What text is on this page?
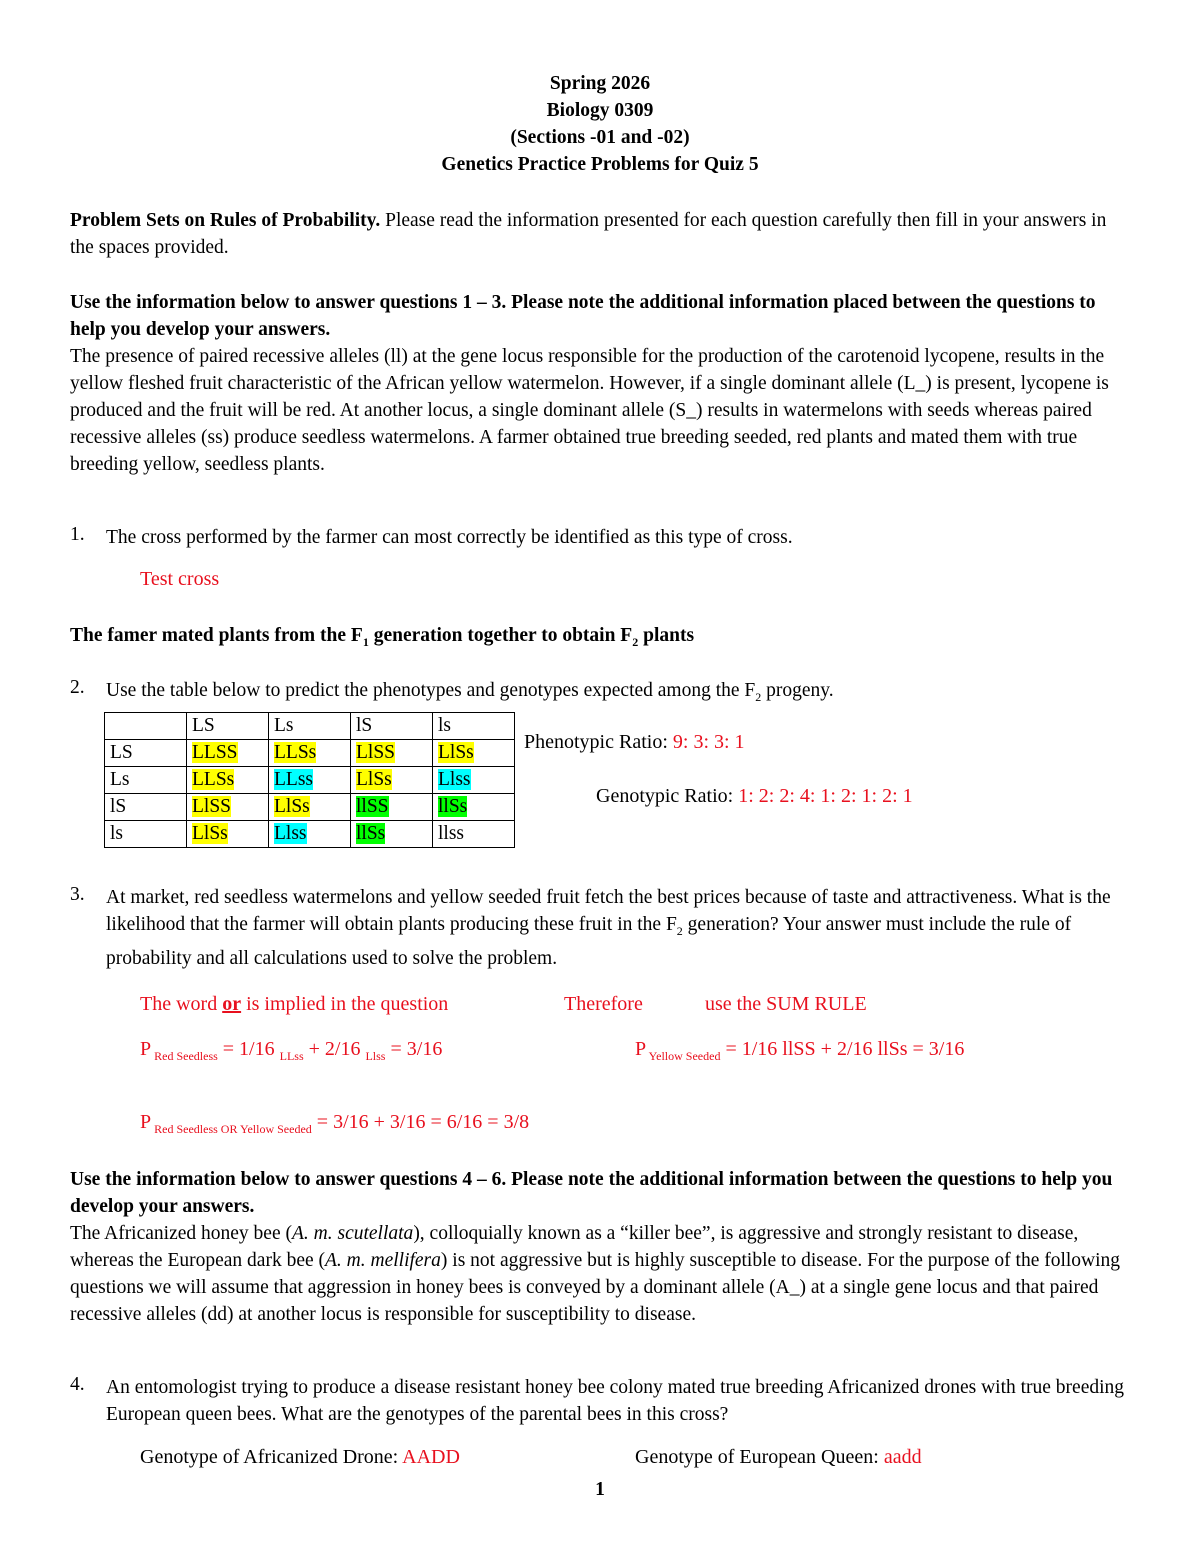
Spring 2026
Biology 0309
(Sections -01 and -02)
Genetics Practice Problems for Quiz 5
Problem Sets on Rules of Probability. Please read the information presented for each question carefully then fill in your answers in the spaces provided.
Use the information below to answer questions 1 – 3. Please note the additional information placed between the questions to help you develop your answers.
The presence of paired recessive alleles (ll) at the gene locus responsible for the production of the carotenoid lycopene, results in the yellow fleshed fruit characteristic of the African yellow watermelon. However, if a single dominant allele (L_) is present, lycopene is produced and the fruit will be red. At another locus, a single dominant allele (S_) results in watermelons with seeds whereas paired recessive alleles (ss) produce seedless watermelons. A farmer obtained true breeding seeded, red plants and mated them with true breeding yellow, seedless plants.
1. The cross performed by the farmer can most correctly be identified as this type of cross.
Test cross
The famer mated plants from the $F_1$ generation together to obtain $F_2$ plants
2. Use the table below to predict the phenotypes and genotypes expected among the $F_2$ progeny.
	LS	Ls	lS	ls
LS	LLSS	LLSs	LlSS	LlSs
Ls	LLSs	LLss	LlSs	Llss
lS	LlSS	LlSs	llSS	llSs
ls	LlSs	Llss	llSs	llss
Phenotypic Ratio: 9: 3: 3: 1
Genotypic Ratio: 1: 2: 2: 4: 1: 2: 1: 2: 1
3. At market, red seedless watermelons and yellow seeded fruit fetch the best prices because of taste and attractiveness. What is the likelihood that the farmer will obtain plants producing these fruit in the $F_2$ generation? Your answer must include the rule of probability and all calculations used to solve the problem.
The word or is implied in the question	Therefore	use the SUM RULE
P $_{Red Seedless}$ = 1/16 $_{LLss}$ + 2/16 $_{Llss}$ = 3/16	P $_{Yellow Seeded}$ = 1/16 llSS + 2/16 llSs = 3/16
P $_{Red Seedless OR Yellow Seeded}$ = 3/16 + 3/16 = 6/16 = 3/8
Use the information below to answer questions 4 – 6. Please note the additional information between the questions to help you develop your answers.
The Africanized honey bee (A. m. scutellata), colloquially known as a “killer bee”, is aggressive and strongly resistant to disease, whereas the European dark bee (A. m. mellifera) is not aggressive but is highly susceptible to disease. For the purpose of the following questions we will assume that aggression in honey bees is conveyed by a dominant allele (A_) at a single gene locus and that paired recessive alleles (dd) at another locus is responsible for susceptibility to disease.
4. An entomologist trying to produce a disease resistant honey bee colony mated true breeding Africanized drones with true breeding European queen bees. What are the genotypes of the parental bees in this cross?
Genotype of Africanized Drone: AADD	Genotype of European Queen: aadd
1
